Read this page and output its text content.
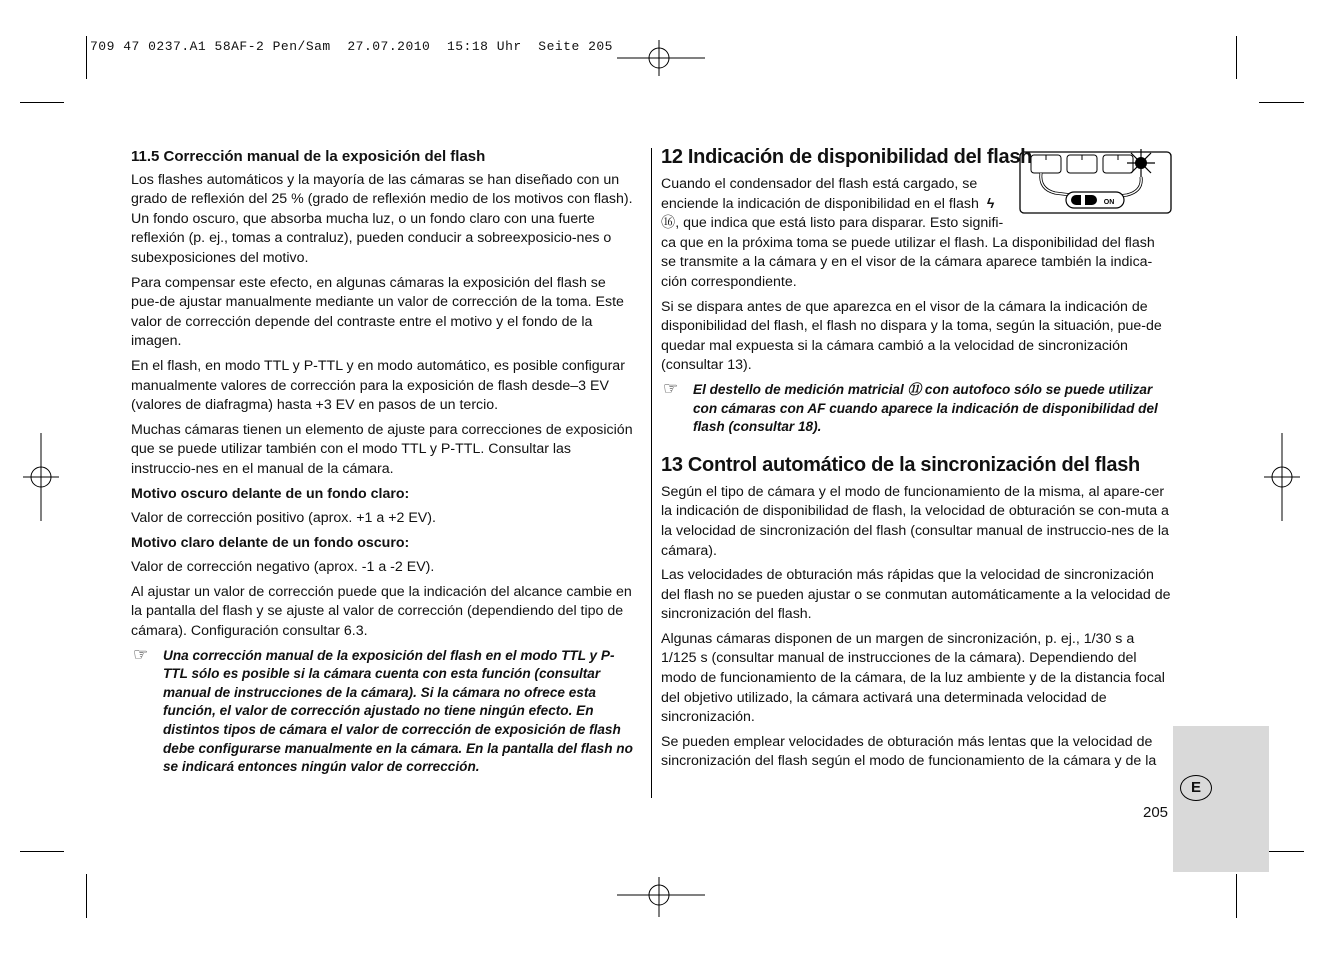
709 47 0237.A1 58AF-2 Pen/Sam  27.07.2010  15:18 Uhr  Seite 205
11.5 Corrección manual de la exposición del flash

Los flashes automáticos y la mayoría de las cámaras se han diseñado con un grado de reflexión del 25 % (grado de reflexión medio de los motivos con flash). Un fondo oscuro, que absorba mucha luz, o un fondo claro con una fuerte reflexión (p. ej., tomas a contraluz), pueden conducir a sobreexposicio-nes o subexposiciones del motivo.

Para compensar este efecto, en algunas cámaras la exposición del flash se pue-de ajustar manualmente mediante un valor de corrección de la toma. Este valor de corrección depende del contraste entre el motivo y el fondo de la imagen.

En el flash, en modo TTL y P-TTL y en modo automático, es posible configurar manualmente valores de corrección para la exposición de flash desde–3 EV (valores de diafragma) hasta +3 EV en pasos de un tercio.

Muchas cámaras tienen un elemento de ajuste para correcciones de exposición que se puede utilizar también con el modo TTL y P-TTL. Consultar las instruccio-nes en el manual de la cámara.

Motivo oscuro delante de un fondo claro:

Valor de corrección positivo (aprox. +1 a +2 EV).

Motivo claro delante de un fondo oscuro:

Valor de corrección negativo (aprox. -1 a -2 EV).

Al ajustar un valor de corrección puede que la indicación del alcance cambie en la pantalla del flash y se ajuste al valor de corrección (dependiendo del tipo de cámara). Configuración consultar 6.3.

☞ Una corrección manual de la exposición del flash en el modo TTL y P-TTL sólo es posible si la cámara cuenta con esta función (consultar manual de instrucciones de la cámara). Si la cámara no ofrece esta función, el valor de corrección ajustado no tiene ningún efecto. En distintos tipos de cámara el valor de corrección de exposición de flash debe configurarse manualmente en la cámara. En la pantalla del flash no se indicará entonces ningún valor de corrección.
ON
12 Indicación de disponibilidad del flash
Cuando el condensador del flash está cargado, se
enciende la indicación de disponibilidad en el flash ϟ
⑯, que indica que está listo para disparar. Esto signifi-

ca que en la próxima toma se puede utilizar el flash. La disponibilidad del flash se transmite a la cámara y en el visor de la cámara aparece también la indica-ción correspondiente.

Si se dispara antes de que aparezca en el visor de la cámara la indicación de disponibilidad del flash, el flash no dispara y la toma, según la situación, pue-de quedar mal expuesta si la cámara cambió a la velocidad de sincronización (consultar 13).

☞ El destello de medición matricial ⑪ con autofoco sólo se puede utilizar con cámaras con AF cuando aparece la indicación de disponibilidad del flash (consultar 18).
13 Control automático de la sincronización del flash

Según el tipo de cámara y el modo de funcionamiento de la misma, al apare-cer la indicación de disponibilidad de flash, la velocidad de obturación se con-muta a la velocidad de sincronización del flash (consultar manual de instruccio-nes de la cámara).

Las velocidades de obturación más rápidas que la velocidad de sincronización del flash no se pueden ajustar o se conmutan automáticamente a la velocidad de sincronización del flash.

Algunas cámaras disponen de un margen de sincronización, p. ej., 1/30 s a 1/125 s (consultar manual de instrucciones de la cámara). Dependiendo del modo de funcionamiento de la cámara, de la luz ambiente y de la distancia focal del objetivo utilizado, la cámara activará una determinada velocidad de sincronización.

Se pueden emplear velocidades de obturación más lentas que la velocidad de sincronización del flash según el modo de funcionamiento de la cámara y de la

E
205
